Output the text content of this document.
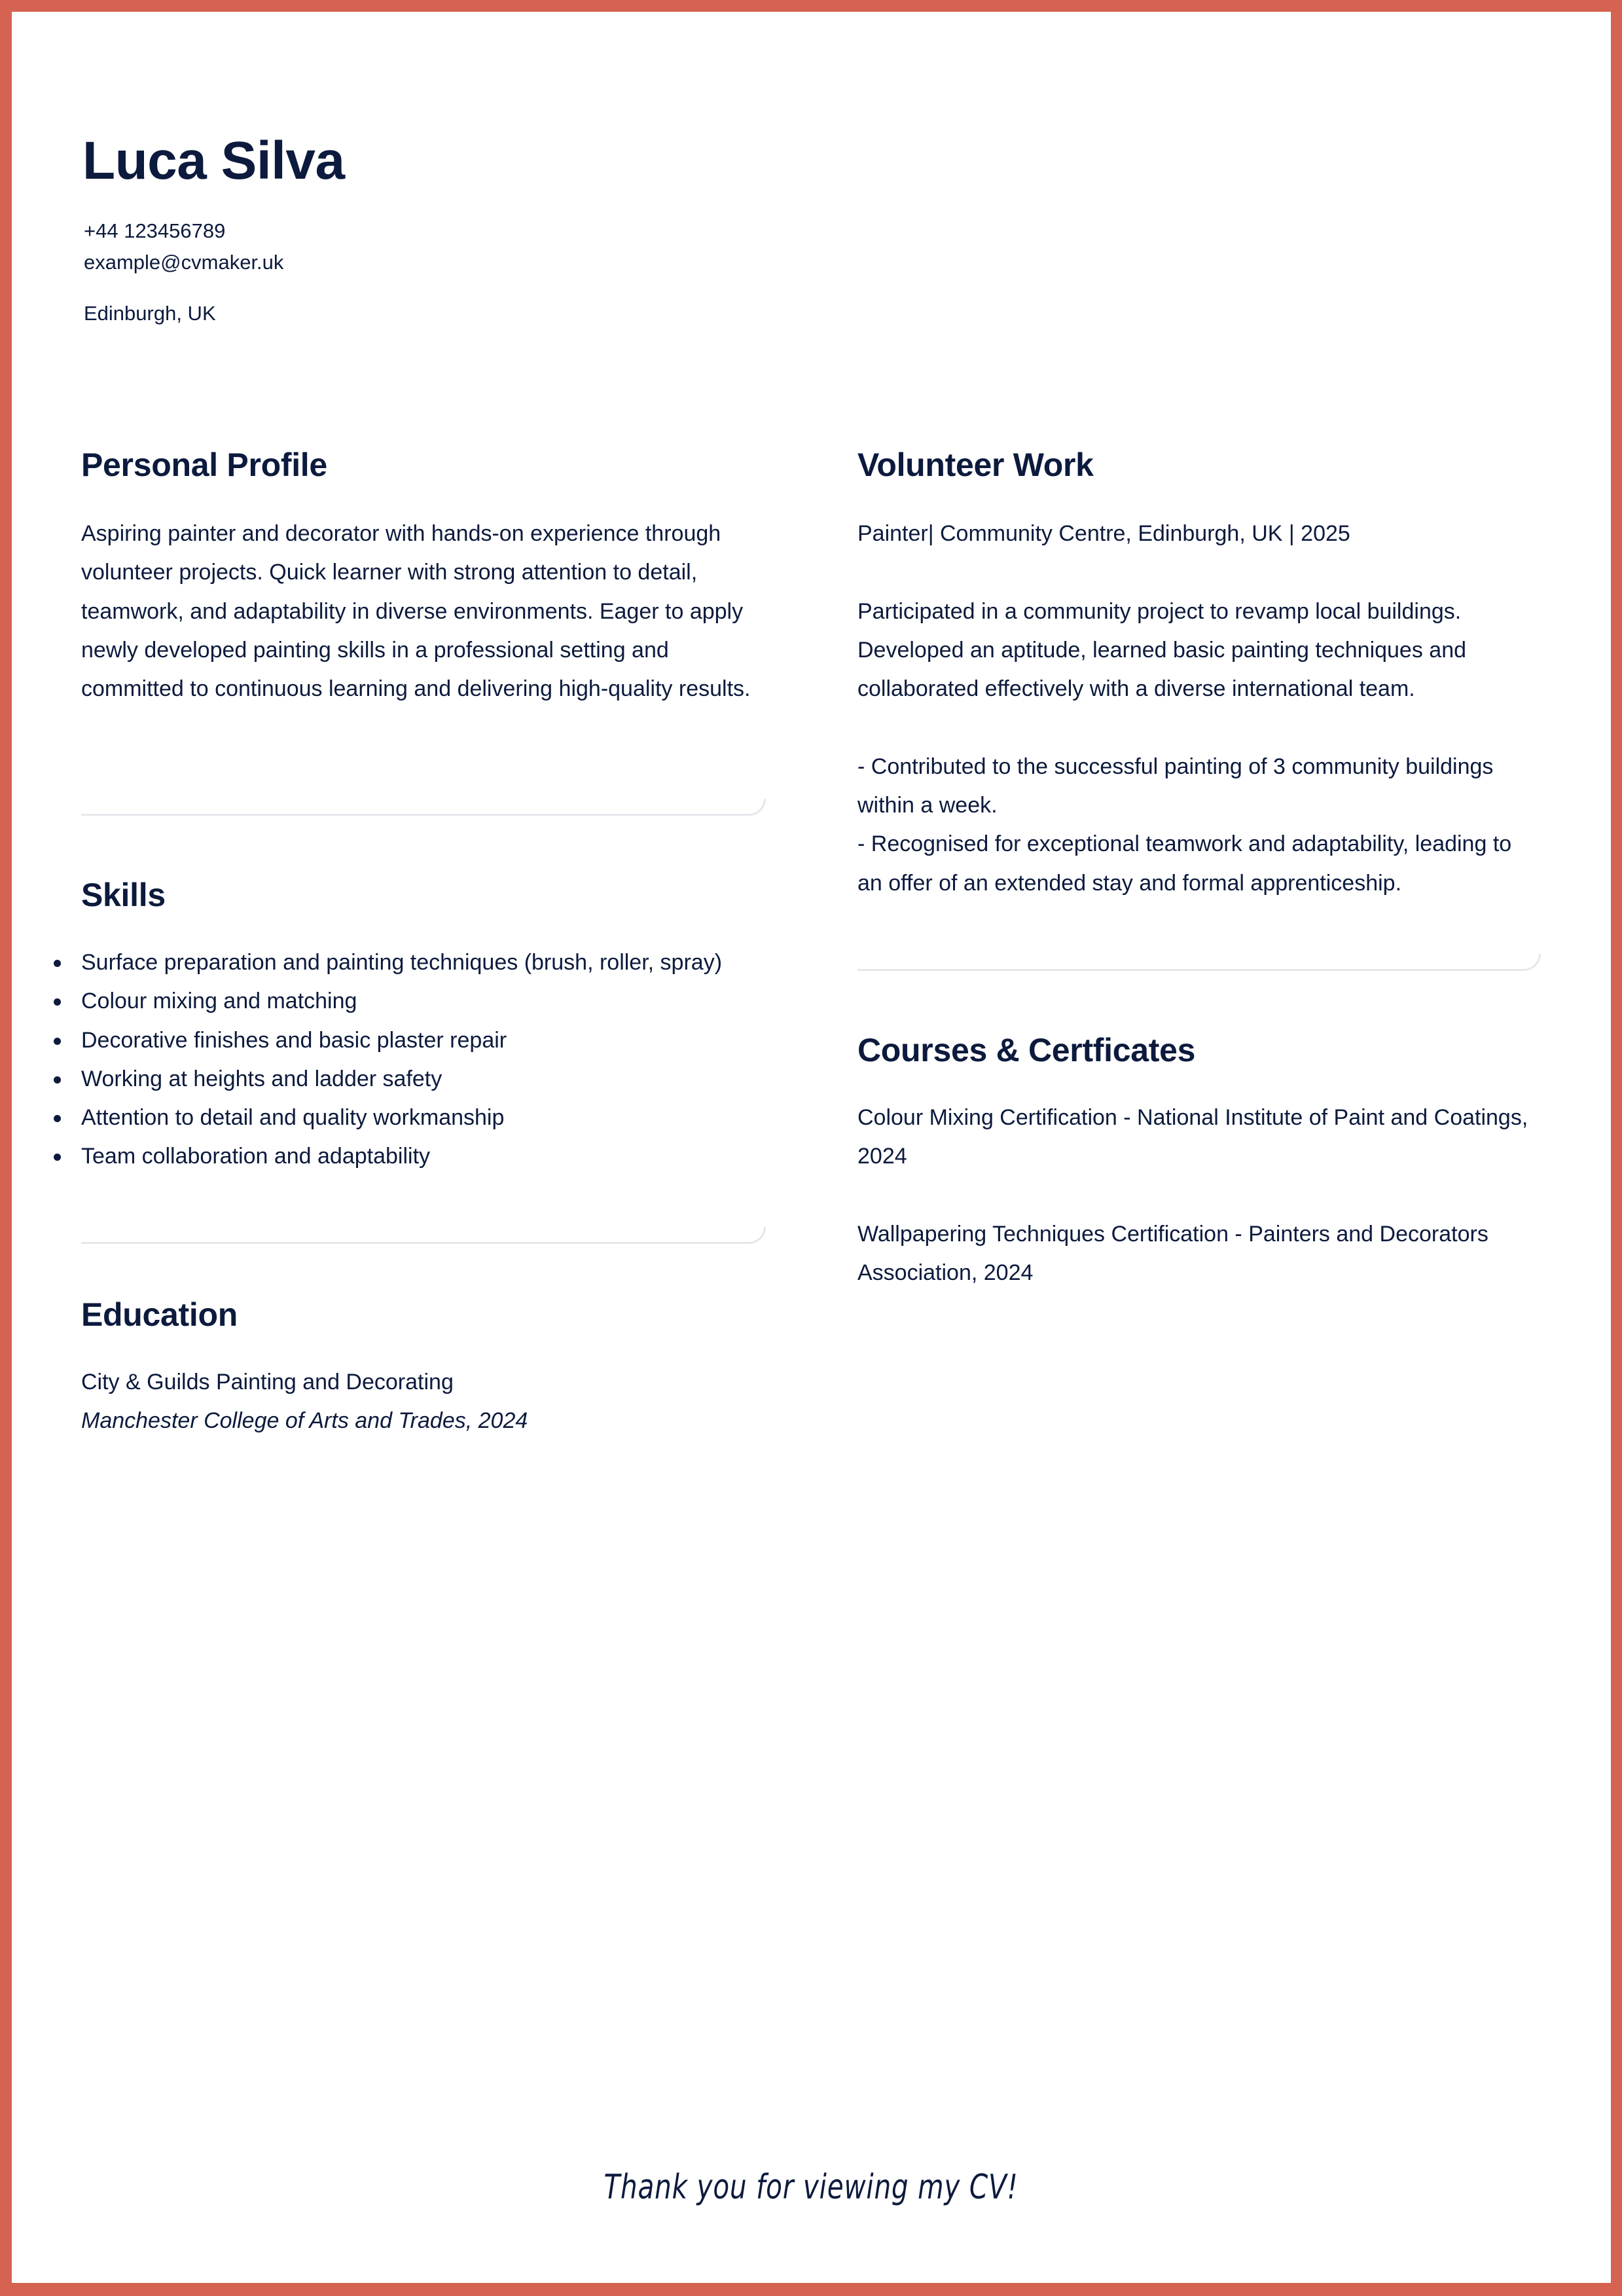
Luca Silva
+44 123456789
example@cvmaker.uk
Edinburgh, UK
Personal Profile

Aspiring painter and decorator with hands-on experience through volunteer projects. Quick learner with strong attention to detail, teamwork, and adaptability in diverse environments. Eager to apply newly developed painting skills in a professional setting and committed to continuous learning and delivering high-quality results.

Skills
Surface preparation and painting techniques (brush, roller, spray)
Colour mixing and matching
Decorative finishes and basic plaster repair
Working at heights and ladder safety
Attention to detail and quality workmanship
Team collaboration and adaptability
Education

City & Guilds Painting and Decorating

Manchester College of Arts and Trades, 2024

Volunteer Work

Painter| Community Centre, Edinburgh, UK | 2025

Participated in a community project to revamp local buildings. Developed an aptitude, learned basic painting techniques and collaborated effectively with a diverse international team.

- Contributed to the successful painting of 3 community buildings within a week.

- Recognised for exceptional teamwork and adaptability, leading to an offer of an extended stay and formal apprenticeship.

Courses & Certficates

Colour Mixing Certification - National Institute of Paint and Coatings, 2024

Wallpapering Techniques Certification - Painters and Decorators Association, 2024

Thank you for viewing my CV!
